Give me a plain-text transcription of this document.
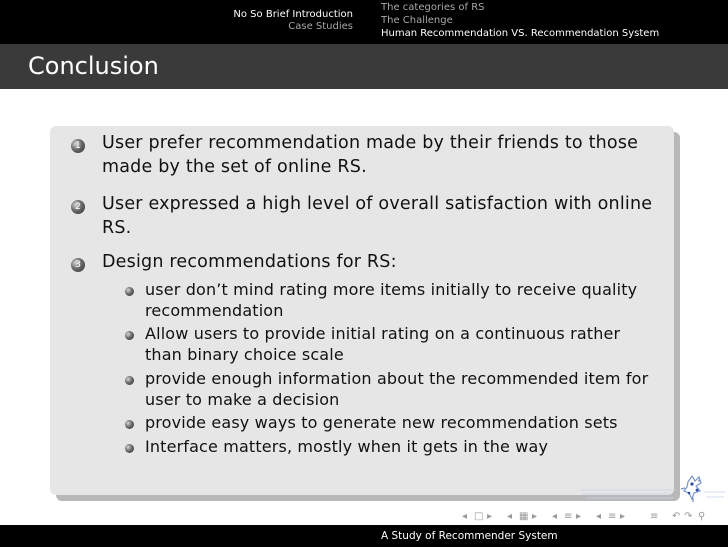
No So Brief Introduction
Case Studies
The categories of RS
The Challenge
Human Recommendation VS. Recommendation System
Conclusion
1 User prefer recommendation made by their friends to those
made by the set of online RS.
2 User expressed a high level of overall satisfaction with online
RS.
3 Design recommendations for RS:
user don’t mind rating more items initially to receive quality
recommendation
Allow users to provide initial rating on a continuous rather
than binary choice scale
provide enough information about the recommended item for
user to make a decision
provide easy ways to generate new recommendation sets
Interface matters, mostly when it gets in the way
◂ □ ▸ ◂ ▦ ▸ ◂ ≡ ▸ ◂ ≡ ▸ ≡ ↶ ↷ ⚲
A Study of Recommender System
